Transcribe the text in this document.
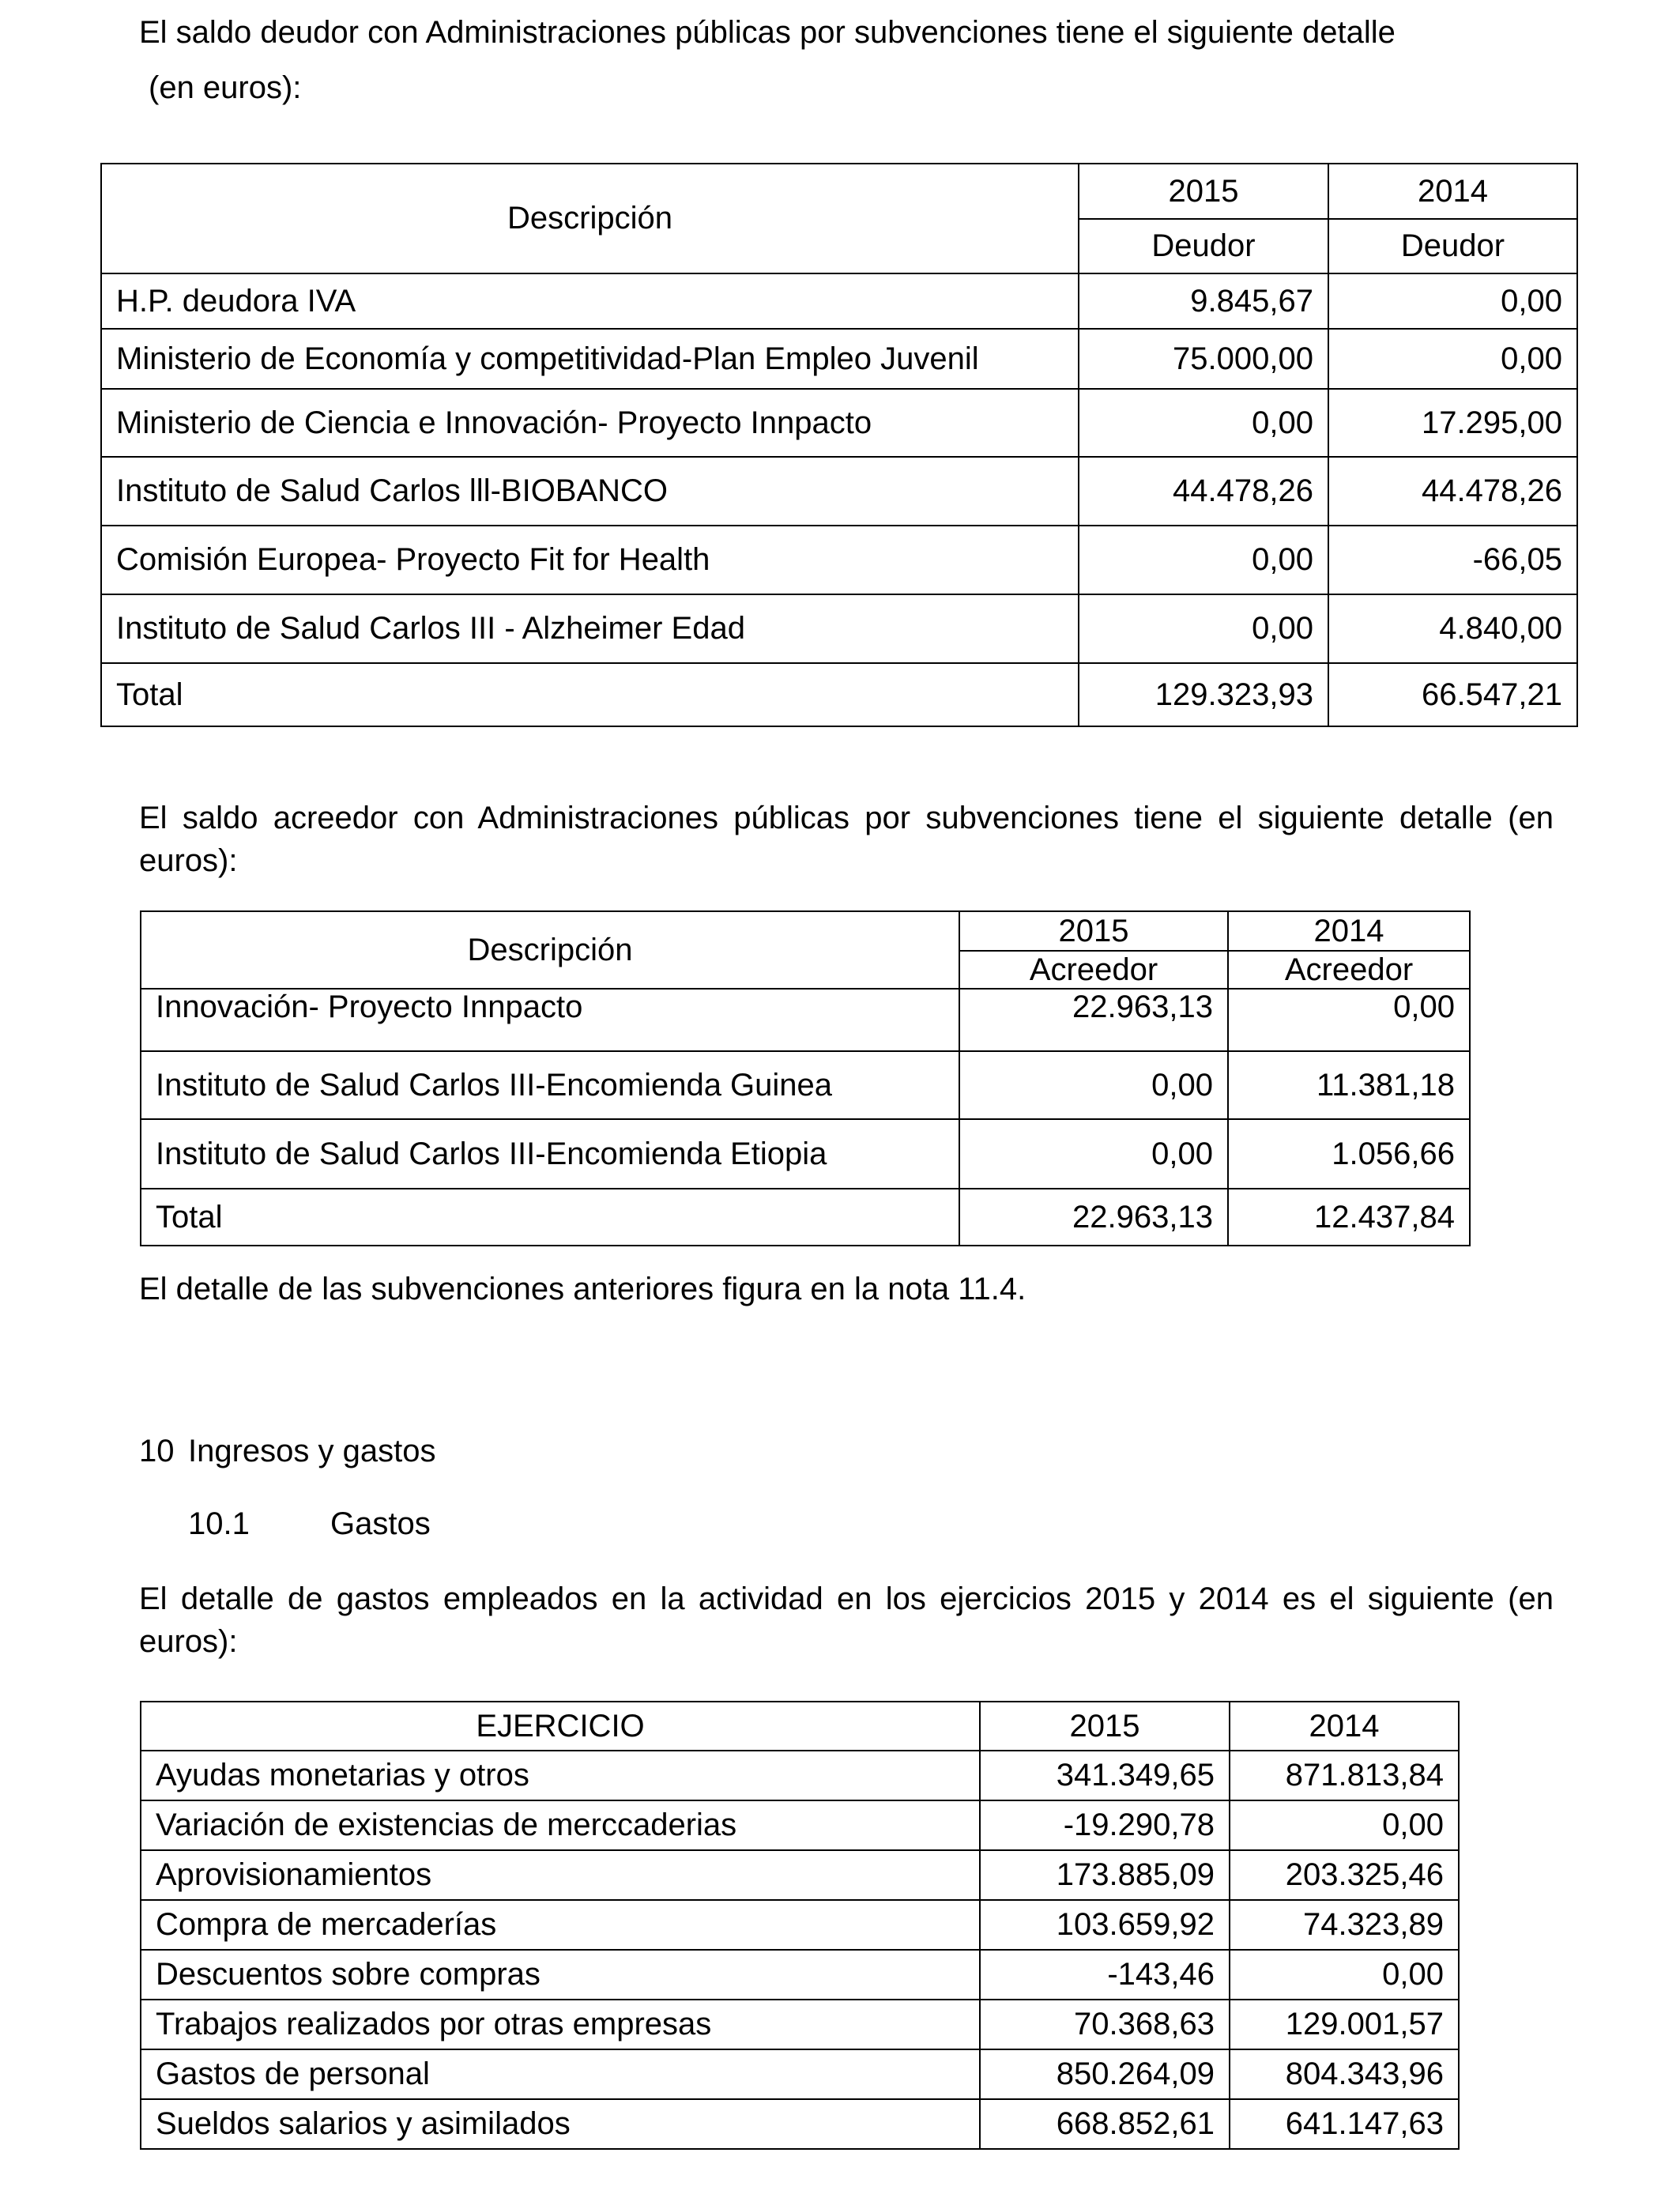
El saldo deudor con Administraciones públicas por subvenciones tiene el siguiente detalle

(en euros):

Descripción	2015	2014
	Deudor	Deudor
H.P. deudora IVA	9.845,67	0,00
Ministerio de Economía y competitividad-Plan Empleo Juvenil	75.000,00	0,00
Ministerio de Ciencia e Innovación- Proyecto Innpacto	0,00	17.295,00
Instituto de Salud Carlos lll-BIOBANCO	44.478,26	44.478,26
Comisión Europea- Proyecto Fit for Health	0,00	-66,05
Instituto de Salud Carlos III - Alzheimer Edad	0,00	4.840,00
Total	129.323,93	66.547,21

El saldo acreedor con Administraciones públicas por subvenciones tiene el siguiente detalle (en euros):

Descripción	2015	2014
	Acreedor	Acreedor
Innovación- Proyecto Innpacto	22.963,13	0,00
Instituto de Salud Carlos III-Encomienda Guinea	0,00	11.381,18
Instituto de Salud Carlos III-Encomienda Etiopia	0,00	1.056,66
Total	22.963,13	12.437,84

El detalle de las subvenciones anteriores figura en la nota 11.4.

10 Ingresos y gastos

10.1	Gastos

El detalle de gastos empleados en la actividad en los ejercicios 2015 y 2014 es el siguiente (en euros):

EJERCICIO	2015	2014
Ayudas monetarias y otros	341.349,65	871.813,84
Variación de existencias de merccaderias	-19.290,78	0,00
Aprovisionamientos	173.885,09	203.325,46
Compra de mercaderías	103.659,92	74.323,89
Descuentos sobre compras	-143,46	0,00
Trabajos realizados por otras empresas	70.368,63	129.001,57
Gastos de personal	850.264,09	804.343,96
Sueldos salarios y asimilados	668.852,61	641.147,63
